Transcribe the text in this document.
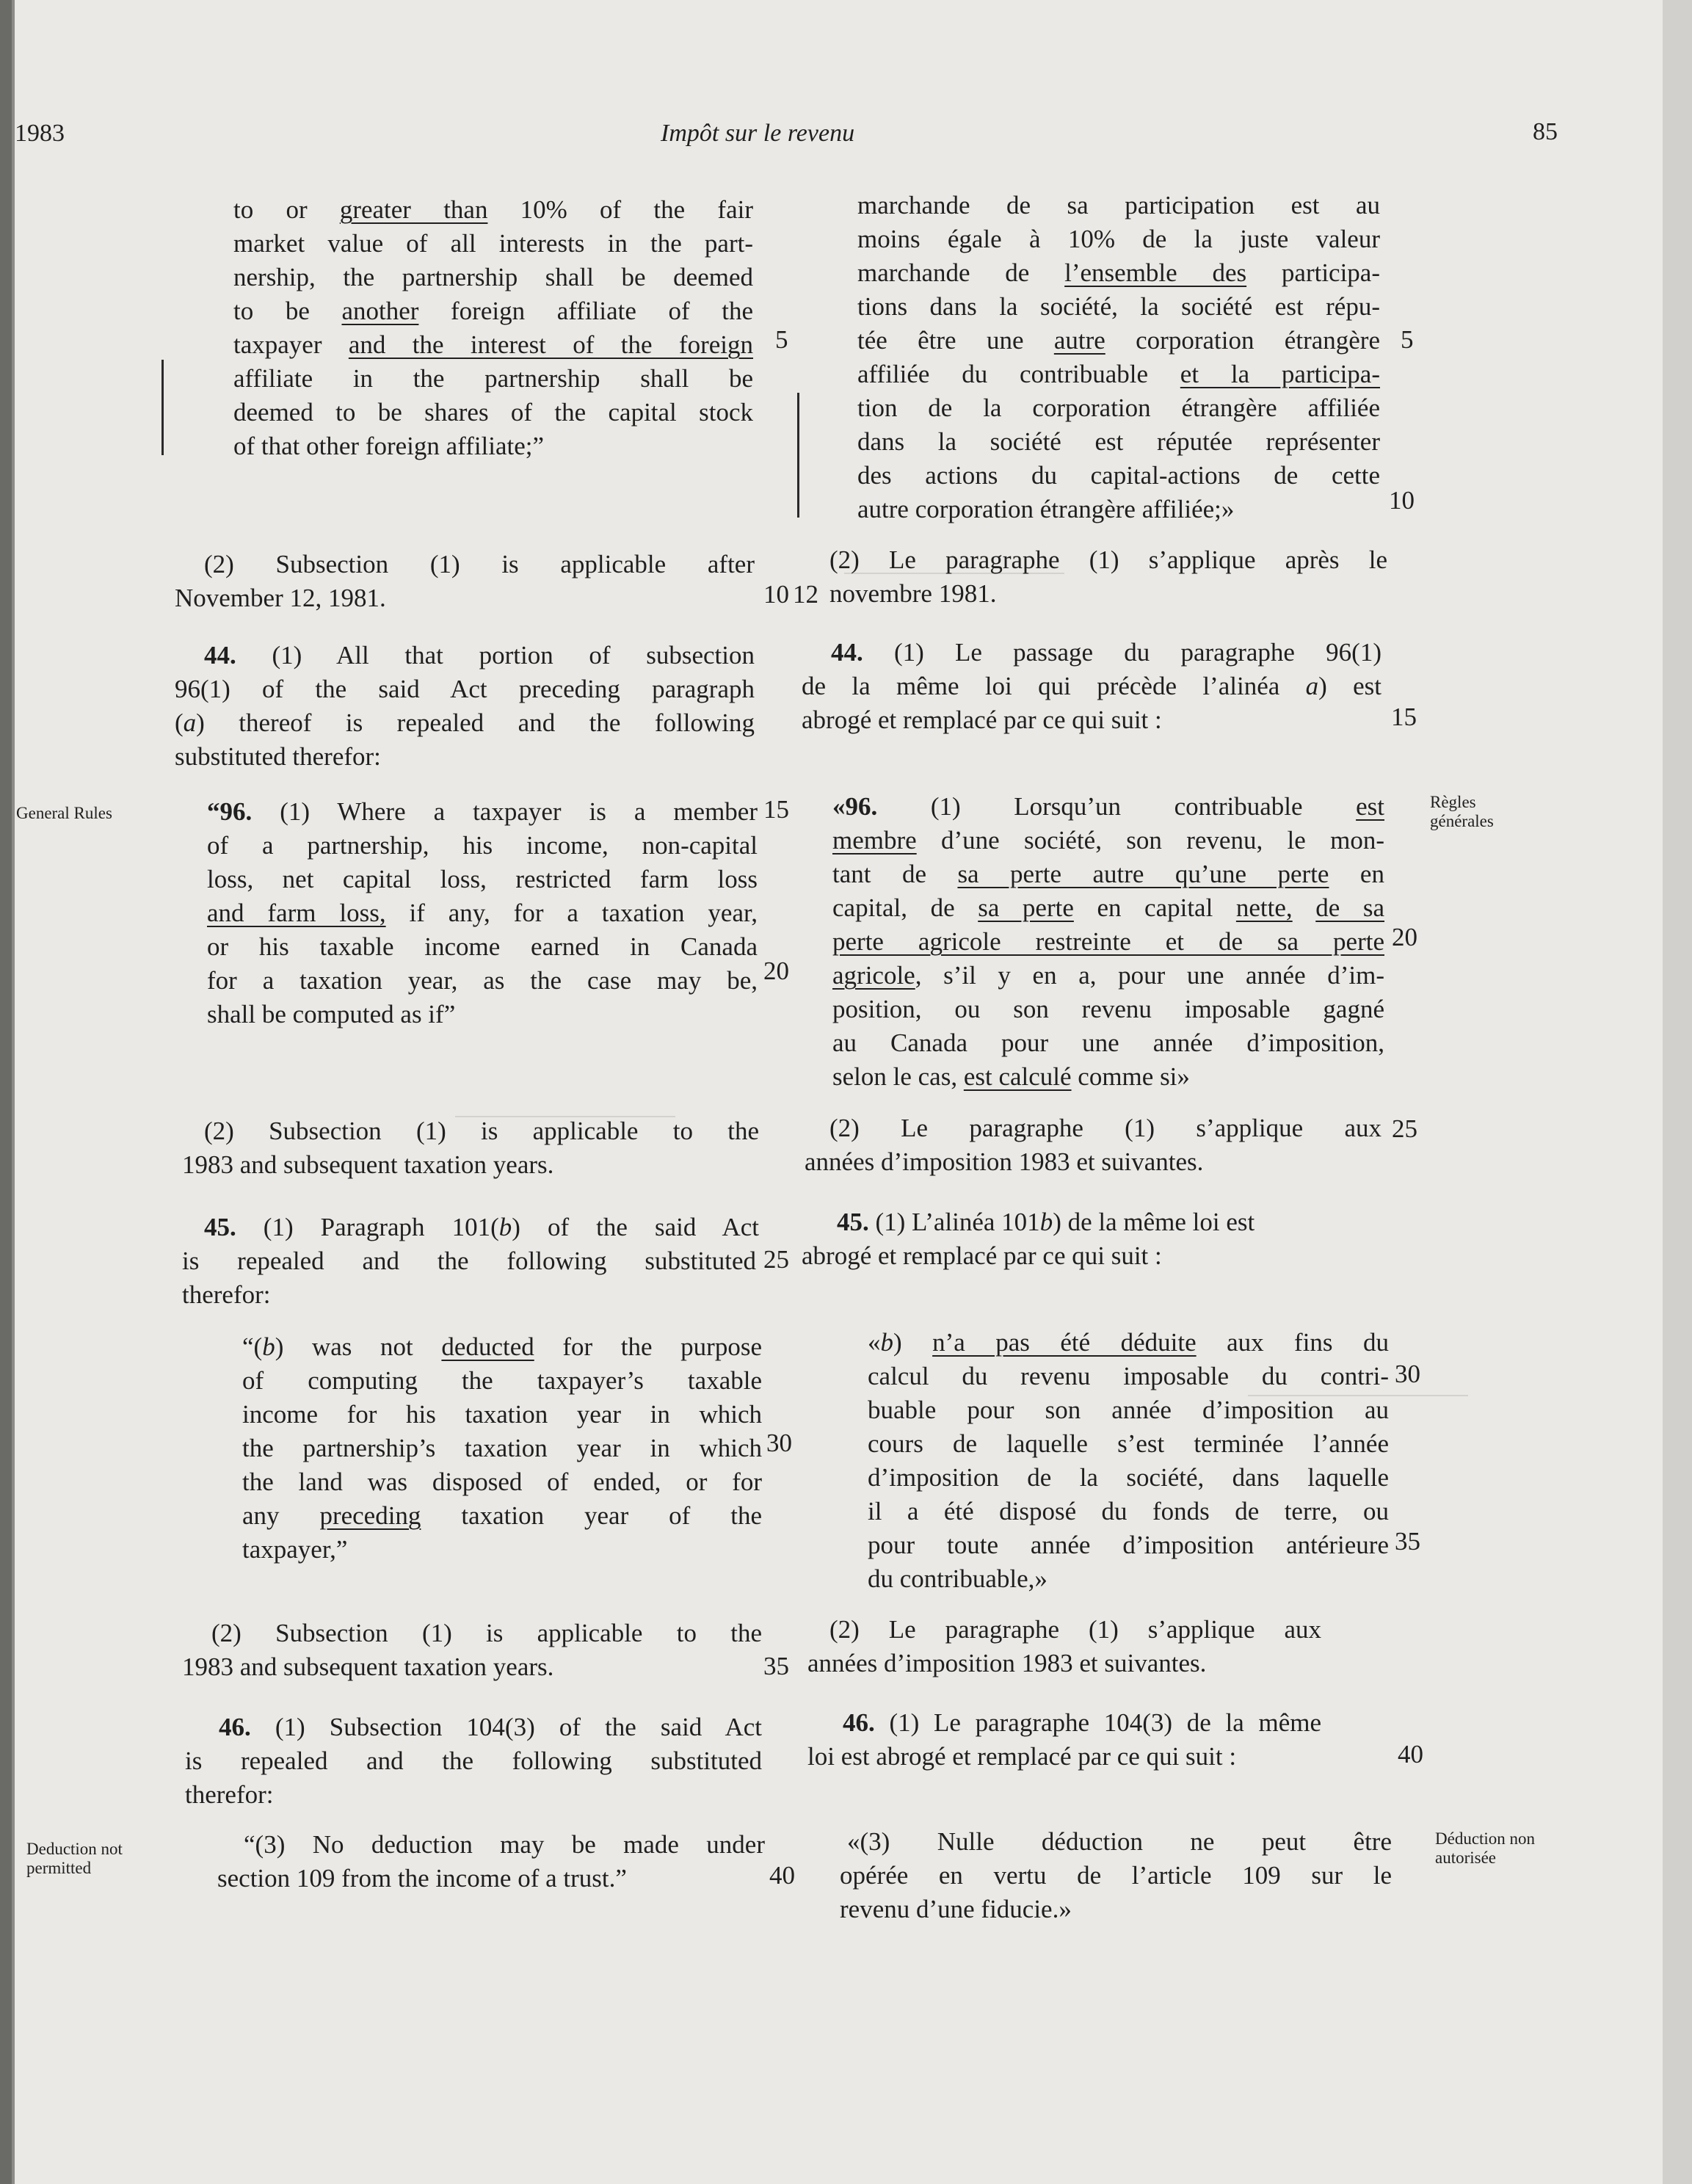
1983	Impôt sur le revenu	85
General Rules
Règles
générales
Deduction not
permitted
Déduction non
autorisée
5
10
15
20
25
30
35
40
5
10
12
15
20
25
30
35
40

to or greater than 10% of the fair

market value of all interests in the part-

nership, the partnership shall be deemed

to be another foreign affiliate of the

taxpayer and the interest of the foreign

affiliate in the partnership shall be

deemed to be shares of the capital stock

of that other foreign affiliate;”

(2) Subsection (1) is applicable after

November 12, 1981.

44. (1) All that portion of subsection

96(1) of the said Act preceding paragraph

(a) thereof is repealed and the following

substituted therefor:

“96. (1) Where a taxpayer is a member

of a partnership, his income, non-capital

loss, net capital loss, restricted farm loss

and farm loss, if any, for a taxation year,

or his taxable income earned in Canada

for a taxation year, as the case may be,

shall be computed as if”

(2) Subsection (1) is applicable to the

1983 and subsequent taxation years.

45. (1) Paragraph 101(b) of the said Act

is repealed and the following substituted

therefor:

“(b) was not deducted for the purpose

of computing the taxpayer’s taxable

income for his taxation year in which

the partnership’s taxation year in which

the land was disposed of ended, or for

any preceding taxation year of the

taxpayer,”

(2) Subsection (1) is applicable to the

1983 and subsequent taxation years.

46. (1) Subsection 104(3) of the said Act

is repealed and the following substituted

therefor:

“(3) No deduction may be made under

section 109 from the income of a trust.”

marchande de sa participation est au

moins égale à 10% de la juste valeur

marchande de l’ensemble des participa-

tions dans la société, la société est répu-

tée être une autre corporation étrangère

affiliée du contribuable et la participa-

tion de la corporation étrangère affiliée

dans la société est réputée représenter

des actions du capital-actions de cette

autre corporation étrangère affiliée;»

(2) Le paragraphe (1) s’applique après le

novembre 1981.

44. (1) Le passage du paragraphe 96(1)

de la même loi qui précède l’alinéa a) est

abrogé et remplacé par ce qui suit :

«96. (1) Lorsqu’un contribuable est

membre d’une société, son revenu, le mon-

tant de sa perte autre qu’une perte en

capital, de sa perte en capital nette, de sa

perte agricole restreinte et de sa perte

agricole, s’il y en a, pour une année d’im-

position, ou son revenu imposable gagné

au Canada pour une année d’imposition,

selon le cas, est calculé comme si»

(2) Le paragraphe (1) s’applique aux

années d’imposition 1983 et suivantes.

45. (1) L’alinéa 101b) de la même loi est

abrogé et remplacé par ce qui suit :

«b) n’a pas été déduite aux fins du

calcul du revenu imposable du contri-

buable pour son année d’imposition au

cours de laquelle s’est terminée l’année

d’imposition de la société, dans laquelle

il a été disposé du fonds de terre, ou

pour toute année d’imposition antérieure

du contribuable,»

(2) Le paragraphe (1) s’applique aux

années d’imposition 1983 et suivantes.

46. (1) Le paragraphe 104(3) de la même

loi est abrogé et remplacé par ce qui suit :

«(3) Nulle déduction ne peut être

opérée en vertu de l’article 109 sur le

revenu d’une fiducie.»
